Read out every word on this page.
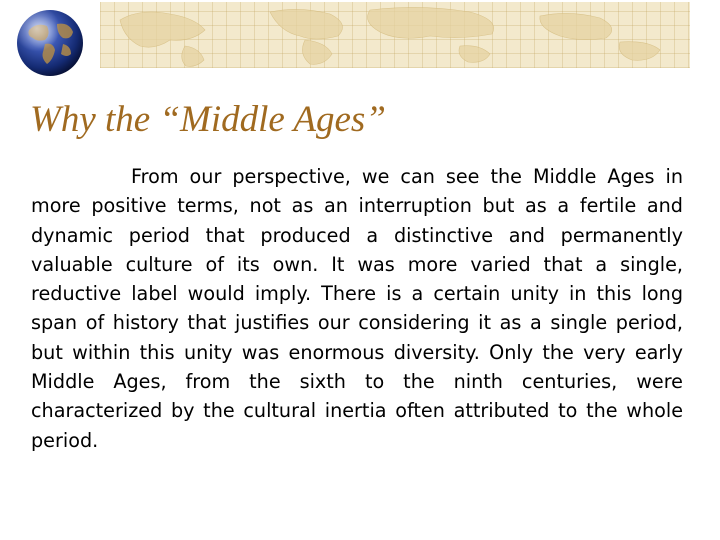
Why the “Middle Ages”

From our perspective, we can see the Middle Ages in more positive terms, not as an interruption but as a fertile and dynamic period that produced a distinctive and permanently valuable culture of its own. It was more varied that a single, reductive label would imply. There is a certain unity in this long span of history that justifies our considering it as a single period, but within this unity was enormous diversity. Only the very early Middle Ages, from the sixth to the ninth centuries, were characterized by the cultural inertia often attributed to the whole period.
